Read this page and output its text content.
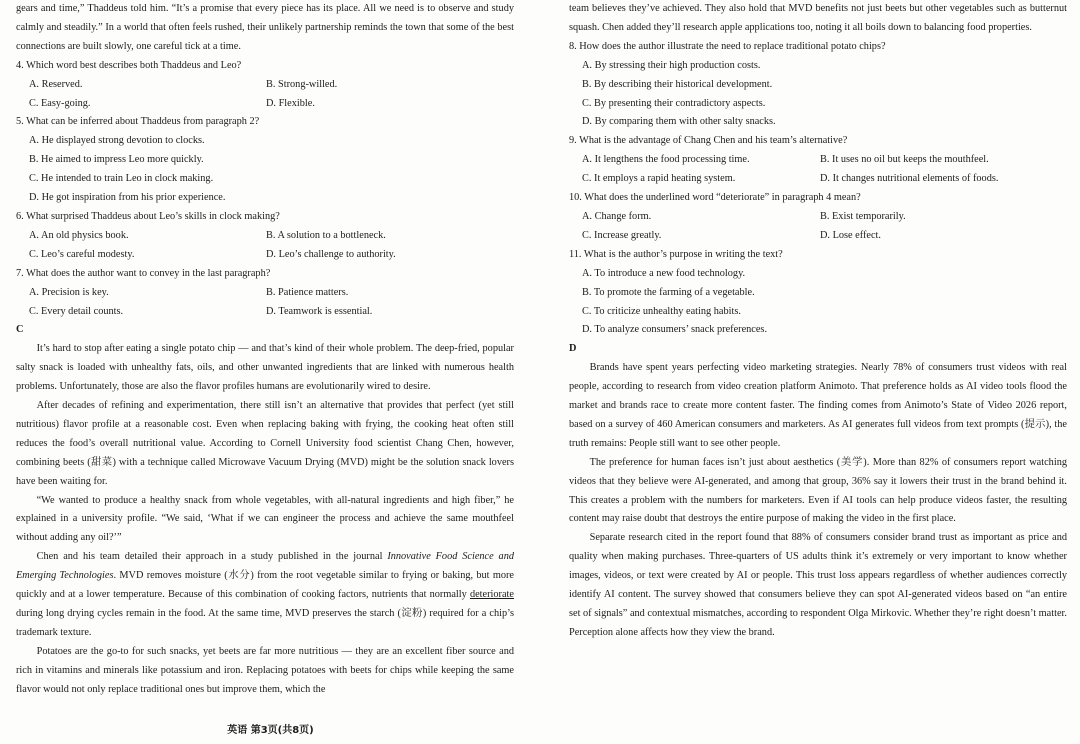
gears and time,” Thaddeus told him. “It’s a promise that every piece has its place. All we need is to observe and study calmly and steadily.” In a world that often feels rushed, their unlikely partnership reminds the town that some of the best connections are built slowly, one careful tick at a time.

4. Which word best describes both Thaddeus and Leo?

A. Reserved.	B. Strong-willed.
C. Easy-going.	D. Flexible.

5. What can be inferred about Thaddeus from paragraph 2?

A. He displayed strong devotion to clocks.
B. He aimed to impress Leo more quickly.
C. He intended to train Leo in clock making.
D. He got inspiration from his prior experience.

6. What surprised Thaddeus about Leo’s skills in clock making?

A. An old physics book.	B. A solution to a bottleneck.
C. Leo’s careful modesty.	D. Leo’s challenge to authority.

7. What does the author want to convey in the last paragraph?

A. Precision is key.	B. Patience matters.
C. Every detail counts.	D. Teamwork is essential.

C

It’s hard to stop after eating a single potato chip — and that’s kind of their whole problem. The deep-fried, popular salty snack is loaded with unhealthy fats, oils, and other unwanted ingredients that are linked with numerous health problems. Unfortunately, those are also the flavor profiles humans are evolutionarily wired to desire.

After decades of refining and experimentation, there still isn’t an alternative that provides that perfect (yet still nutritious) flavor profile at a reasonable cost. Even when replacing baking with frying, the cooking heat often still reduces the food’s overall nutritional value. According to Cornell University food scientist Chang Chen, however, combining beets (甜菜) with a technique called Microwave Vacuum Drying (MVD) might be the solution snack lovers have been waiting for.

“We wanted to produce a healthy snack from whole vegetables, with all-natural ingredients and high fiber,” he explained in a university profile. “We said, ‘What if we can engineer the process and achieve the same mouthfeel without adding any oil?’”

Chen and his team detailed their approach in a study published in the journal Innovative Food Science and Emerging Technologies. MVD removes moisture (水分) from the root vegetable similar to frying or baking, but more quickly and at a lower temperature. Because of this combination of cooking factors, nutrients that normally deteriorate during long drying cycles remain in the food. At the same time, MVD preserves the starch (淀粉) required for a chip’s trademark texture.

Potatoes are the go-to for such snacks, yet beets are far more nutritious — they are an excellent fiber source and rich in vitamins and minerals like potassium and iron. Replacing potatoes with beets for chips while keeping the same flavor would not only replace traditional ones but improve them, which the

英语 第3页(共8页)

team believes they’ve achieved. They also hold that MVD benefits not just beets but other vegetables such as butternut squash. Chen added they’ll research apple applications too, noting it all boils down to balancing food properties.

8. How does the author illustrate the need to replace traditional potato chips?

A. By stressing their high production costs.
B. By describing their historical development.
C. By presenting their contradictory aspects.
D. By comparing them with other salty snacks.

9. What is the advantage of Chang Chen and his team’s alternative?

A. It lengthens the food processing time.	B. It uses no oil but keeps the mouthfeel.
C. It employs a rapid heating system.	D. It changes nutritional elements of foods.

10. What does the underlined word “deteriorate” in paragraph 4 mean?

A. Change form.	B. Exist temporarily.
C. Increase greatly.	D. Lose effect.

11. What is the author’s purpose in writing the text?

A. To introduce a new food technology.
B. To promote the farming of a vegetable.
C. To criticize unhealthy eating habits.
D. To analyze consumers’ snack preferences.

D

Brands have spent years perfecting video marketing strategies. Nearly 78% of consumers trust videos with real people, according to research from video creation platform Animoto. That preference holds as AI video tools flood the market and brands race to create more content faster. The finding comes from Animoto’s State of Video 2026 report, based on a survey of 460 American consumers and marketers. As AI generates full videos from text prompts (提示), the truth remains: People still want to see other people.

The preference for human faces isn’t just about aesthetics (美学). More than 82% of consumers report watching videos that they believe were AI-generated, and among that group, 36% say it lowers their trust in the brand behind it. This creates a problem with the numbers for marketers. Even if AI tools can help produce videos faster, the resulting content may raise doubt that destroys the entire purpose of making the video in the first place.

Separate research cited in the report found that 88% of consumers consider brand trust as important as price and quality when making purchases. Three-quarters of US adults think it’s extremely or very important to know whether images, videos, or text were created by AI or people. This trust loss appears regardless of whether audiences correctly identify AI content. The survey showed that consumers believe they can spot AI-generated videos based on “an entire set of signals” and contextual mismatches, according to respondent Olga Mirkovic. Whether they’re right doesn’t matter. Perception alone affects how they view the brand.
